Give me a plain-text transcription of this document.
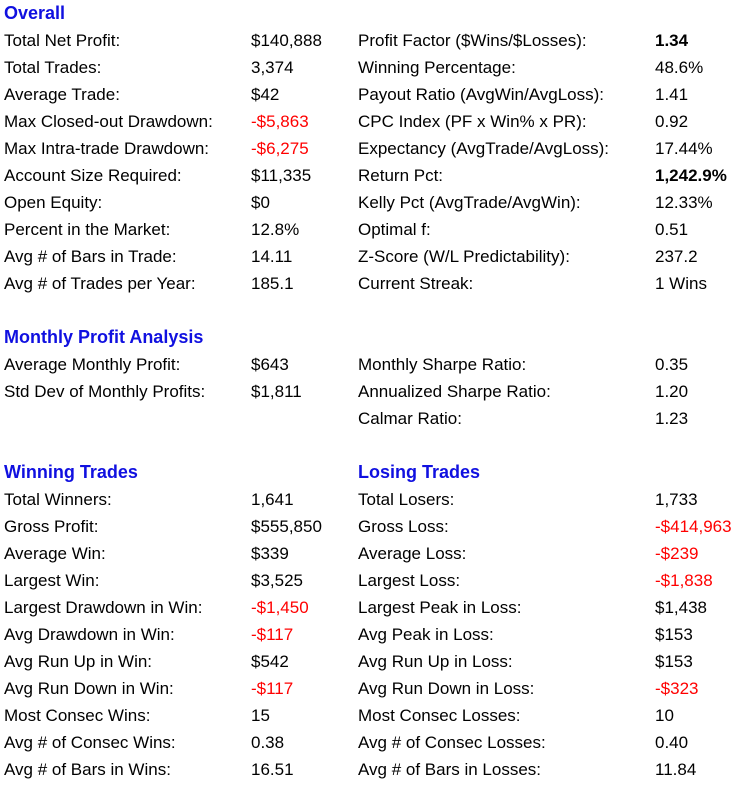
Overall
Total Net Profit:	$140,888 Profit Factor ($Wins/$Losses):	1.34
Total Trades:	3,374	Winning Percentage:	48.6%
Average Trade:	$42	Payout Ratio (AvgWin/AvgLoss):	1.41
Max Closed-out Drawdown: -$5,863	CPC Index (PF x Win% x PR):	0.92
Max Intra-trade Drawdown: -$6,275	Expectancy (AvgTrade/AvgLoss):	17.44%
Account Size Required:	$11,335	Return Pct:	1,242.9%
Open Equity:	$0	Kelly Pct (AvgTrade/AvgWin):	12.33%
Percent in the Market:	12.8%	Optimal f:	0.51
Avg # of Bars in Trade:	14.11	Z-Score (W/L Predictability):	237.2
Avg # of Trades per Year:	185.1	Current Streak:	1 Wins
Monthly Profit Analysis
Average Monthly Profit:	$643	Monthly Sharpe Ratio:	0.35
Std Dev of Monthly Profits:	$1,811	Annualized Sharpe Ratio:	1.20
Calmar Ratio:	1.23
Winning Trades	Losing Trades
Total Winners:	1,641	Total Losers:	1,733
Gross Profit:	$555,850 Gross Loss:	-$414,963
Average Win:	$339	Average Loss:	-$239
Largest Win:	$3,525	Largest Loss:	-$1,838
Largest Drawdown in Win:	-$1,450	Largest Peak in Loss:	$1,438
Avg Drawdown in Win:	-$117	Avg Peak in Loss:	$153
Avg Run Up in Win:	$542	Avg Run Up in Loss:	$153
Avg Run Down in Win:	-$117	Avg Run Down in Loss:	-$323
Most Consec Wins:	15	Most Consec Losses:	10
Avg # of Consec Wins:	0.38	Avg # of Consec Losses:	0.40
Avg # of Bars in Wins:	16.51	Avg # of Bars in Losses:	11.84
